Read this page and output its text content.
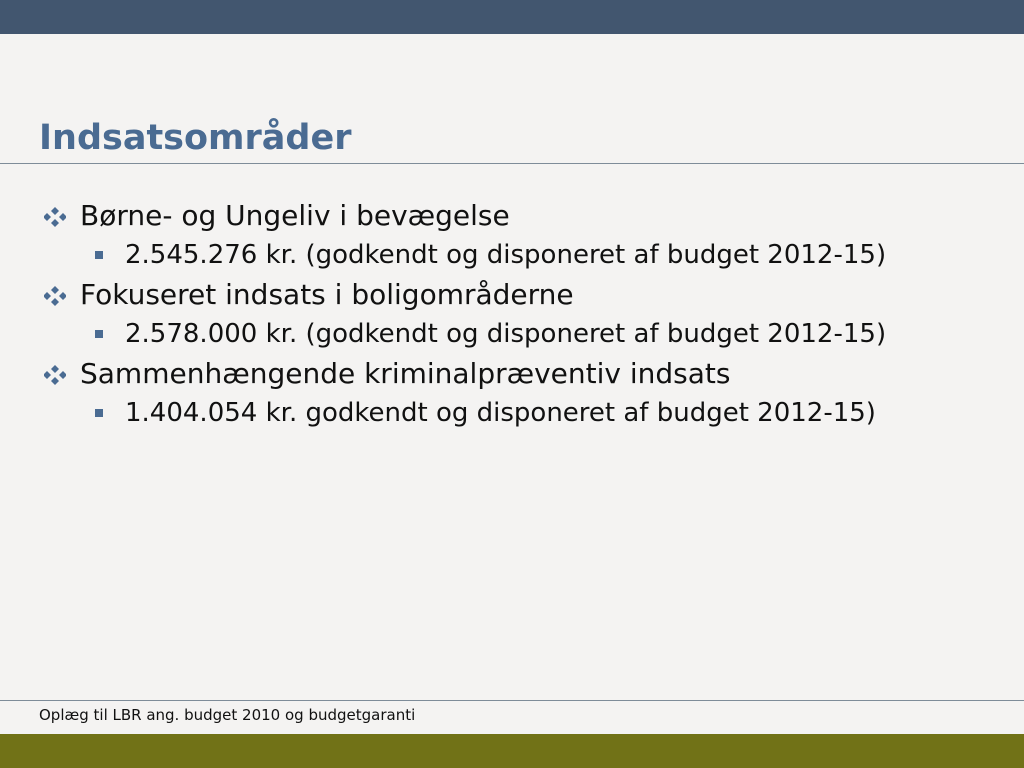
Indsatsområder
Børne- og Ungeliv i bevægelse
2.545.276 kr. (godkendt og disponeret af budget 2012-15)
Fokuseret indsats i boligområderne
2.578.000 kr. (godkendt og disponeret af budget 2012-15)
Sammenhængende kriminalpræventiv indsats
1.404.054 kr. godkendt og disponeret af budget 2012-15)
Oplæg til LBR ang. budget 2010 og budgetgaranti
